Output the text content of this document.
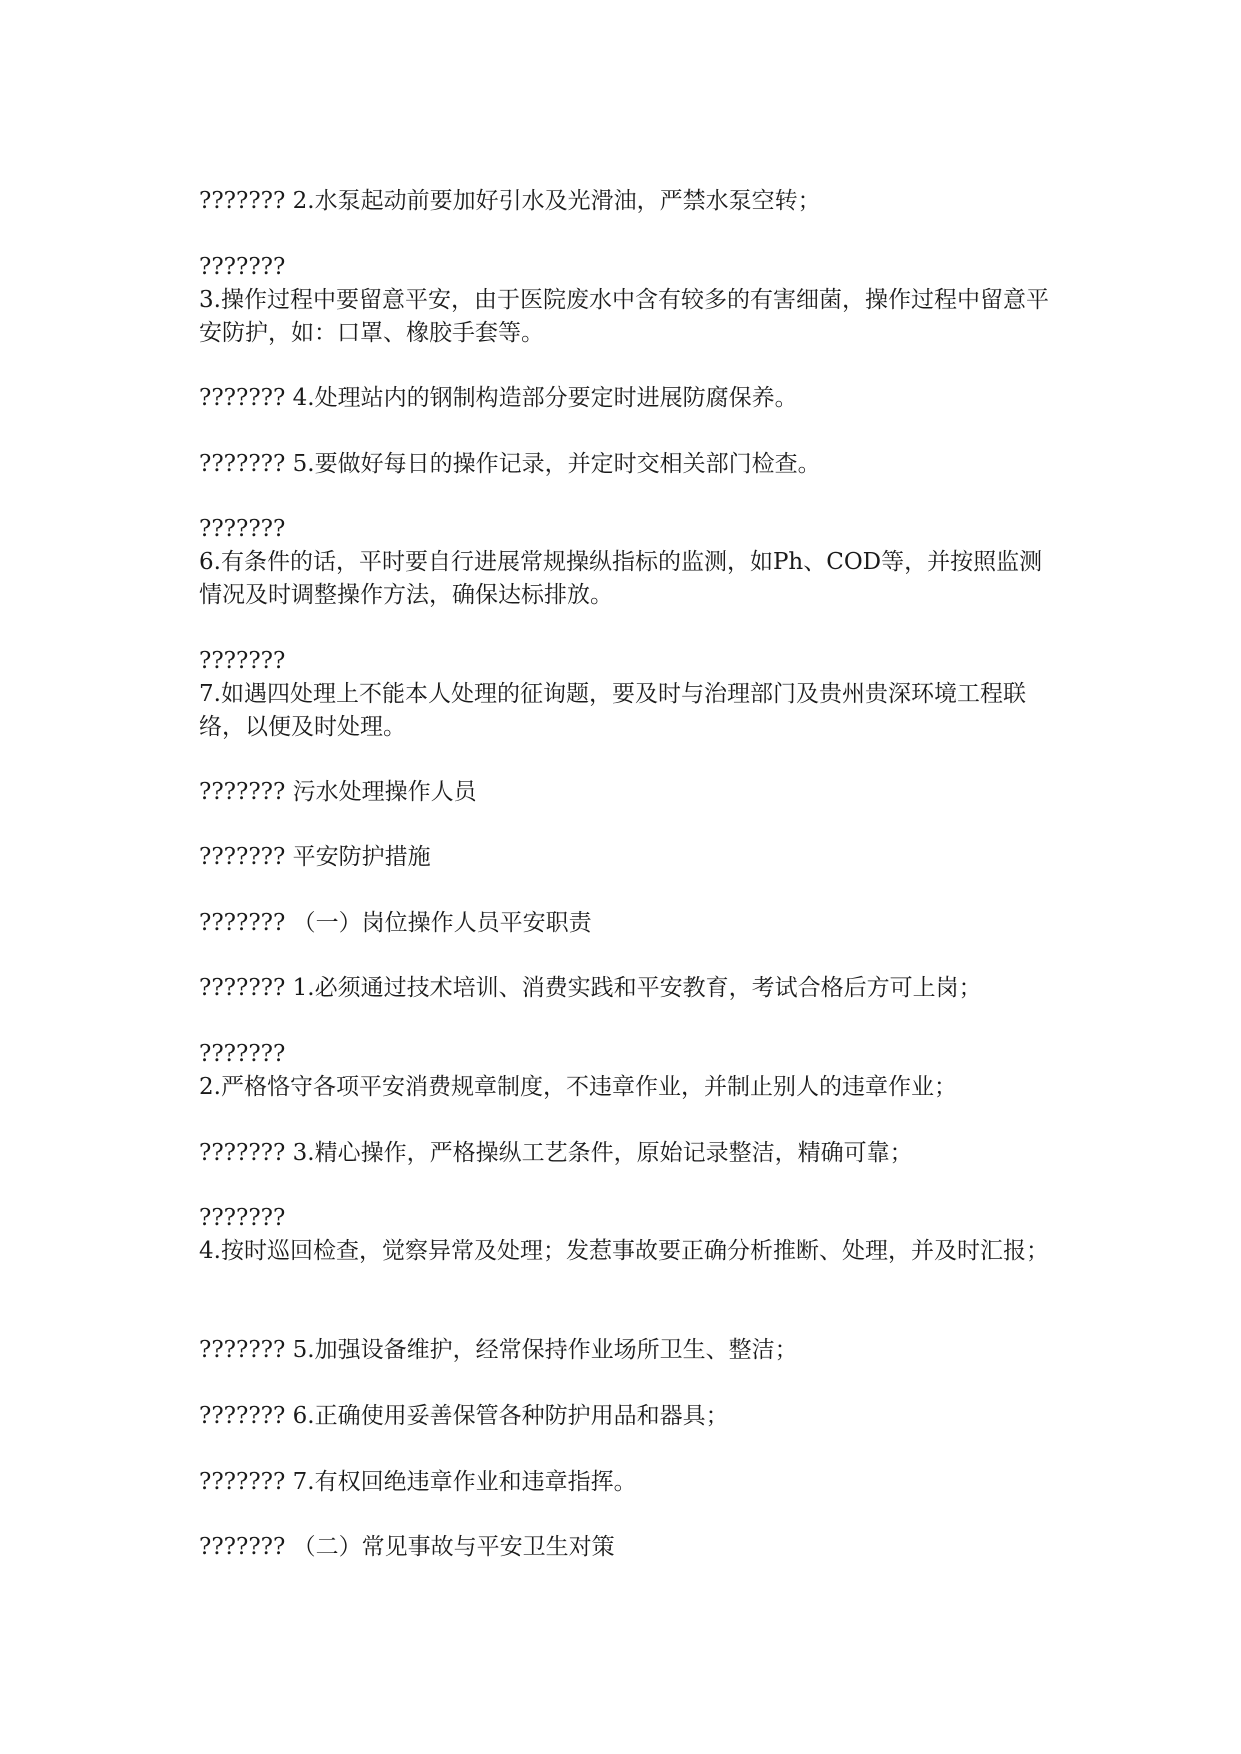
??????? 2.水泵起动前要加好引水及光滑油，严禁水泵空转；

???????
3.操作过程中要留意平安，由于医院废水中含有较多的有害细菌，操作过程中留意平安防护，如：口罩、橡胶手套等。

??????? 4.处理站内的钢制构造部分要定时进展防腐保养。

??????? 5.要做好每日的操作记录，并定时交相关部门检查。

???????
6.有条件的话，平时要自行进展常规操纵指标的监测，如Ph、COD等，并按照监测情况及时调整操作方法，确保达标排放。

???????
7.如遇四处理上不能本人处理的征询题，要及时与治理部门及贵州贵深环境工程联络，以便及时处理。

??????? 污水处理操作人员

??????? 平安防护措施

??????? （一）岗位操作人员平安职责

??????? 1.必须通过技术培训、消费实践和平安教育，考试合格后方可上岗；

???????
2.严格恪守各项平安消费规章制度，不违章作业，并制止别人的违章作业；

??????? 3.精心操作，严格操纵工艺条件，原始记录整洁，精确可靠；

???????
4.按时巡回检查，觉察异常及处理；发惹事故要正确分析推断、处理，并及时汇报；

??????? 5.加强设备维护，经常保持作业场所卫生、整洁；

??????? 6.正确使用妥善保管各种防护用品和器具；

??????? 7.有权回绝违章作业和违章指挥。

??????? （二）常见事故与平安卫生对策
